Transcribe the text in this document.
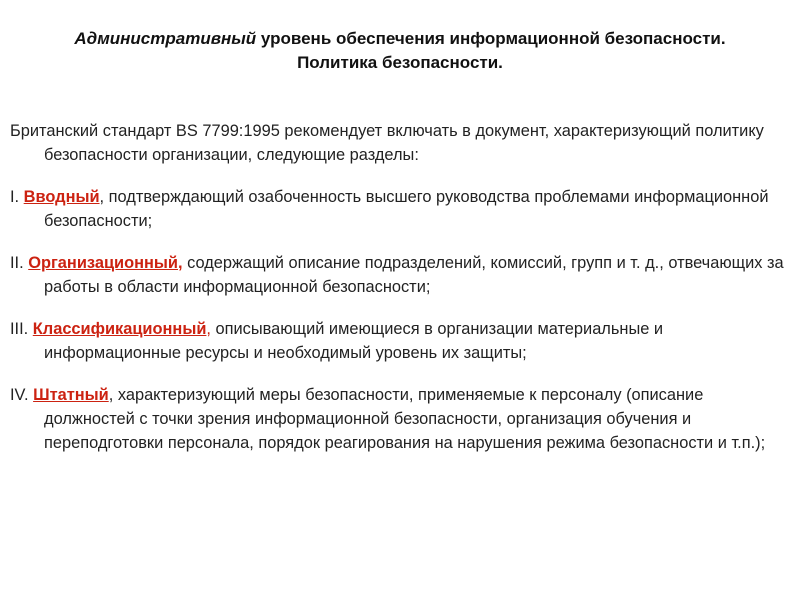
Административный уровень обеспечения информационной безопасности.
Политика безопасности.

Британский стандарт BS 7799:1995 рекомендует включать в документ, характеризующий политику безопасности организации, следующие разделы:

I. Вводный, подтверждающий озабоченность высшего руководства проблемами информационной безопасности;

II. Организационный, содержащий описание подразделений, комиссий, групп и т. д., отвечающих за работы в области информационной безопасности;

III. Классификационный, описывающий имеющиеся в организации материальные и информационные ресурсы и необходимый уровень их защиты;

IV. Штатный, характеризующий меры безопасности, применяемые к персоналу (описание должностей с точки зрения информационной безопасности, организация обучения и переподготовки персонала, порядок реагирования на нарушения режима безопасности и т.п.);
